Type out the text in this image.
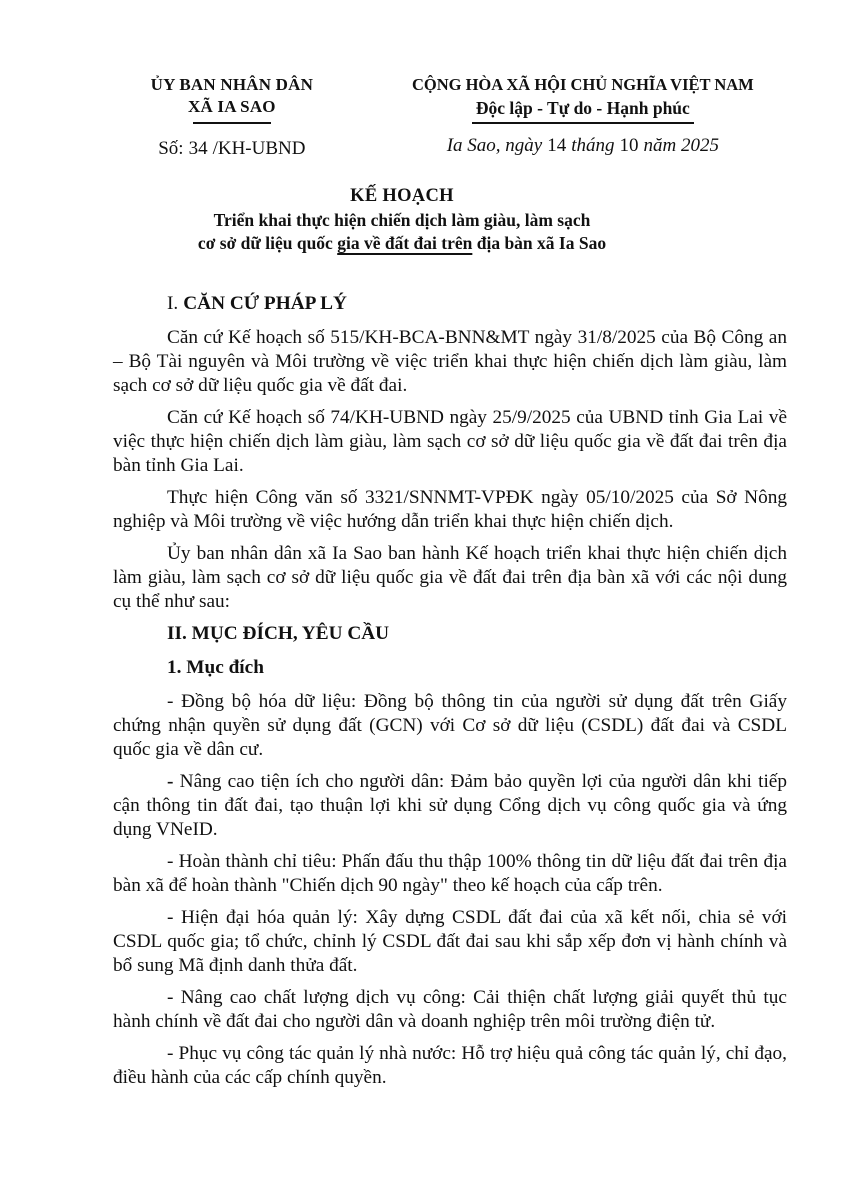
ỦY BAN NHÂN DÂN
XÃ IA SAO
Số: 34 /KH-UBND
CỘNG HÒA XÃ HỘI CHỦ NGHĨA VIỆT NAM
Độc lập - Tự do - Hạnh phúc
Ia Sao, ngày 14 tháng 10 năm 2025
KẾ HOẠCH
Triển khai thực hiện chiến dịch làm giàu, làm sạch
cơ sở dữ liệu quốc gia về đất đai trên địa bàn xã Ia Sao
I. CĂN CỨ PHÁP LÝ

Căn cứ Kế hoạch số 515/KH-BCA-BNN&MT ngày 31/8/2025 của Bộ Công an – Bộ Tài nguyên và Môi trường về việc triển khai thực hiện chiến dịch làm giàu, làm sạch cơ sở dữ liệu quốc gia về đất đai.

Căn cứ Kế hoạch số 74/KH-UBND ngày 25/9/2025 của UBND tỉnh Gia Lai về việc thực hiện chiến dịch làm giàu, làm sạch cơ sở dữ liệu quốc gia về đất đai trên địa bàn tỉnh Gia Lai.

Thực hiện Công văn số 3321/SNNMT-VPĐK ngày 05/10/2025 của Sở Nông nghiệp và Môi trường về việc hướng dẫn triển khai thực hiện chiến dịch.

Ủy ban nhân dân xã Ia Sao ban hành Kế hoạch triển khai thực hiện chiến dịch làm giàu, làm sạch cơ sở dữ liệu quốc gia về đất đai trên địa bàn xã với các nội dung cụ thể như sau:

II. MỤC ĐÍCH, YÊU CẦU
1. Mục đích

- Đồng bộ hóa dữ liệu: Đồng bộ thông tin của người sử dụng đất trên Giấy chứng nhận quyền sử dụng đất (GCN) với Cơ sở dữ liệu (CSDL) đất đai và CSDL quốc gia về dân cư.

- Nâng cao tiện ích cho người dân: Đảm bảo quyền lợi của người dân khi tiếp cận thông tin đất đai, tạo thuận lợi khi sử dụng Cổng dịch vụ công quốc gia và ứng dụng VNeID.

- Hoàn thành chỉ tiêu: Phấn đấu thu thập 100% thông tin dữ liệu đất đai trên địa bàn xã để hoàn thành "Chiến dịch 90 ngày" theo kế hoạch của cấp trên.

- Hiện đại hóa quản lý: Xây dựng CSDL đất đai của xã kết nối, chia sẻ với CSDL quốc gia; tổ chức, chỉnh lý CSDL đất đai sau khi sắp xếp đơn vị hành chính và bổ sung Mã định danh thửa đất.

- Nâng cao chất lượng dịch vụ công: Cải thiện chất lượng giải quyết thủ tục hành chính về đất đai cho người dân và doanh nghiệp trên môi trường điện tử.

- Phục vụ công tác quản lý nhà nước: Hỗ trợ hiệu quả công tác quản lý, chỉ đạo, điều hành của các cấp chính quyền.
